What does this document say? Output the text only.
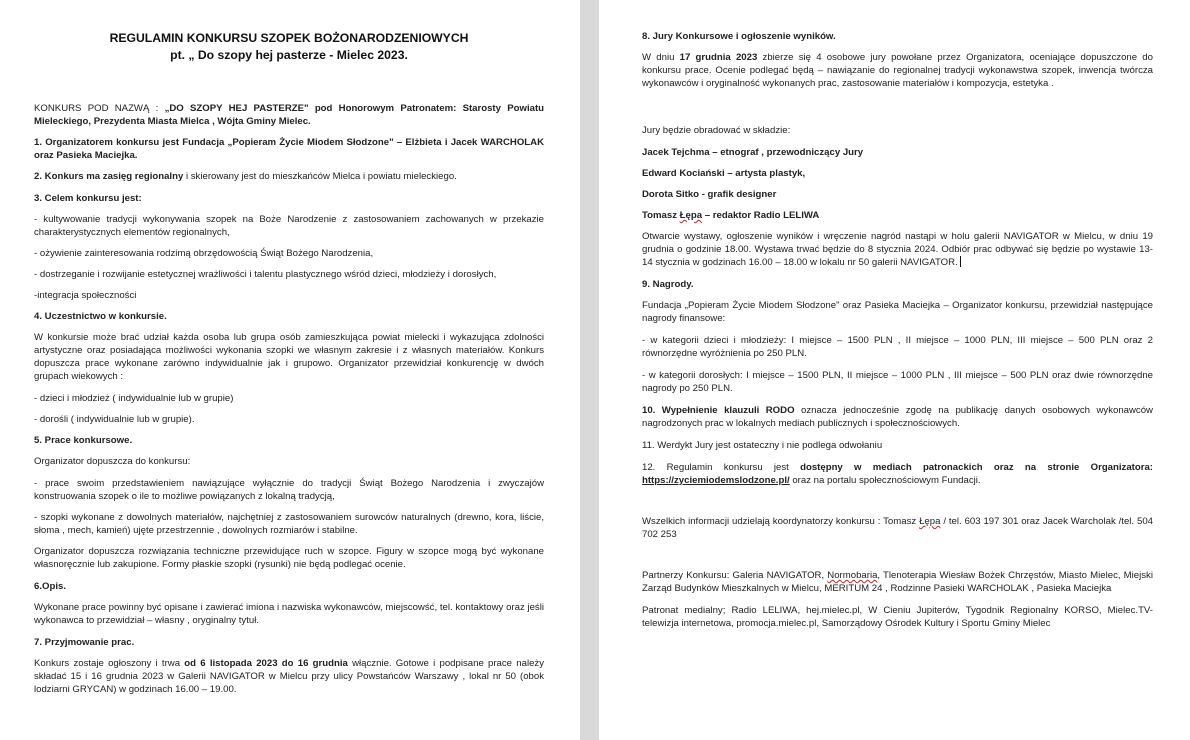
REGULAMIN KONKURSU SZOPEK BOŻONARODZENIOWYCH
pt. „ Do szopy hej pasterze - Mielec 2023.

KONKURS POD NAZWĄ : „DO SZOPY HEJ PASTERZE" pod Honorowym Patronatem: Starosty Powiatu Mieleckiego, Prezydenta Miasta Mielca , Wójta Gminy Mielec.

1. Organizatorem konkursu jest Fundacja „Popieram Życie Miodem Słodzone" – Elżbieta i Jacek WARCHOLAK oraz Pasieka Maciejka.

2. Konkurs ma zasięg regionalny i skierowany jest do mieszkańców Mielca i powiatu mieleckiego.

3. Celem konkursu jest:

- kultywowanie tradycji wykonywania szopek na Boże Narodzenie z zastosowaniem zachowanych w przekazie charakterystycznych elementów regionalnych,

- ożywienie zainteresowania rodzimą obrzędowością Świąt Bożego Narodzenia,

- dostrzeganie i rozwijanie estetycznej wrażliwości i talentu plastycznego wśród dzieci, młodzieży i dorosłych,

-integracja społeczności

4. Uczestnictwo w konkursie.

W konkursie może brać udział każda osoba lub grupa osób zamieszkująca powiat mielecki i wykazująca zdolności artystyczne oraz posiadająca możliwości wykonania szopki we własnym zakresie i z własnych materiałów. Konkurs dopuszcza prace wykonane zarówno indywidualnie jak i grupowo. Organizator przewidział konkurencję w dwóch grupach wiekowych :

- dzieci i młodzież ( indywidualnie lub w grupie)

- dorośli ( indywidualnie lub w grupie).

5. Prace konkursowe.

Organizator dopuszcza do konkursu:

- prace swoim przedstawieniem nawiązujące wyłącznie do tradycji Świąt Bożego Narodzenia i zwyczajów konstruowania szopek o ile to możliwe powiązanych z lokalną tradycją,

- szopki wykonane z dowolnych materiałów, najchętniej z zastosowaniem surowców naturalnych (drewno, kora, liście, słoma , mech, kamień) ujęte przestrzennie , dowolnych rozmiarów i stabilne.

Organizator dopuszcza rozwiązania techniczne przewidujące ruch w szopce. Figury w szopce mogą być wykonane własnoręcznie lub zakupione. Formy płaskie szopki (rysunki) nie będą podlegać ocenie.

6.Opis.

Wykonane prace powinny być opisane i zawierać imiona i nazwiska wykonawców, miejscowść, tel. kontaktowy oraz jeśli wykonawca to przewidział – własny , oryginalny tytuł.

7. Przyjmowanie prac.

Konkurs zostaje ogłoszony i trwa od 6 listopada 2023 do 16 grudnia włącznie. Gotowe i podpisane prace należy składać 15 i 16 grudnia 2023 w Galerii NAVIGATOR w Mielcu przy ulicy Powstańców Warszawy , lokal nr 50 (obok lodziarni GRYCAN) w godzinach 16.00 – 19.00.

8. Jury Konkursowe i ogłoszenie wyników.

W dniu 17 grudnia 2023 zbierze się 4 osobowe jury powołane przez Organizatora, oceniające dopuszczone do konkursu prace. Ocenie podlegać będą – nawiązanie do regionalnej tradycji wykonawstwa szopek, inwencja twórcza wykonawców i oryginalność wykonanych prac, zastosowanie materiałów i kompozycja, estetyka .

Jury będzie obradować w składzie:

Jacek Tejchma – etnograf , przewodniczący Jury

Edward Kociański – artysta plastyk,

Dorota Sitko - grafik designer

Tomasz Łępa – redaktor Radio LELIWA

Otwarcie wystawy, ogłoszenie wyników i wręczenie nagród nastąpi w holu galerii NAVIGATOR w Mielcu, w dniu 19 grudnia o godzinie 18.00. Wystawa trwać będzie do 8 stycznia 2024. Odbiór prac odbywać się będzie po wystawie 13-14 stycznia w godzinach 16.00 – 18.00 w lokalu nr 50 galerii NAVIGATOR.

9. Nagrody.

Fundacja „Popieram Życie Miodem Słodzone" oraz Pasieka Maciejka – Organizator konkursu, przewidział następujące nagrody finansowe:

- w kategorii dzieci i młodzieży: I miejsce – 1500 PLN , II miejsce – 1000 PLN, III miejsce – 500 PLN oraz 2 równorzędne wyróżnienia po 250 PLN.

- w kategorii dorosłych: I miejsce – 1500 PLN, II miejsce – 1000 PLN , III miejsce – 500 PLN oraz dwie równorzędne nagrody po 250 PLN.

10. Wypełnienie klauzuli RODO oznacza jednocześnie zgodę na publikację danych osobowych wykonawców nagrodzonych prac w lokalnych mediach publicznych i społecznościowych.

11. Werdykt Jury jest ostateczny i nie podlega odwołaniu

12. Regulamin konkursu jest dostępny w mediach patronackich oraz na stronie Organizatora: https://zyciemiodemslodzone.pl/ oraz na portalu społecznościowym Fundacji.

Wszelkich informacji udzielają koordynatorzy konkursu : Tomasz Łępa / tel. 603 197 301 oraz Jacek Warcholak /tel. 504 702 253

Partnerzy Konkursu: Galeria NAVIGATOR, Normobaria, Tlenoterapia Wiesław Bożek Chrzęstów, Miasto Mielec, Miejski Zarząd Budynków Mieszkalnych w Mielcu, MERITUM 24 , Rodzinne Pasieki WARCHOLAK , Pasieka Maciejka

Patronat medialny; Radio LELIWA, hej.mielec.pl, W Cieniu Jupiterów, Tygodnik Regionalny KORSO, Mielec.TV- telewizja internetowa, promocja.mielec.pl, Samorządowy Ośrodek Kultury i Sportu Gminy Mielec
